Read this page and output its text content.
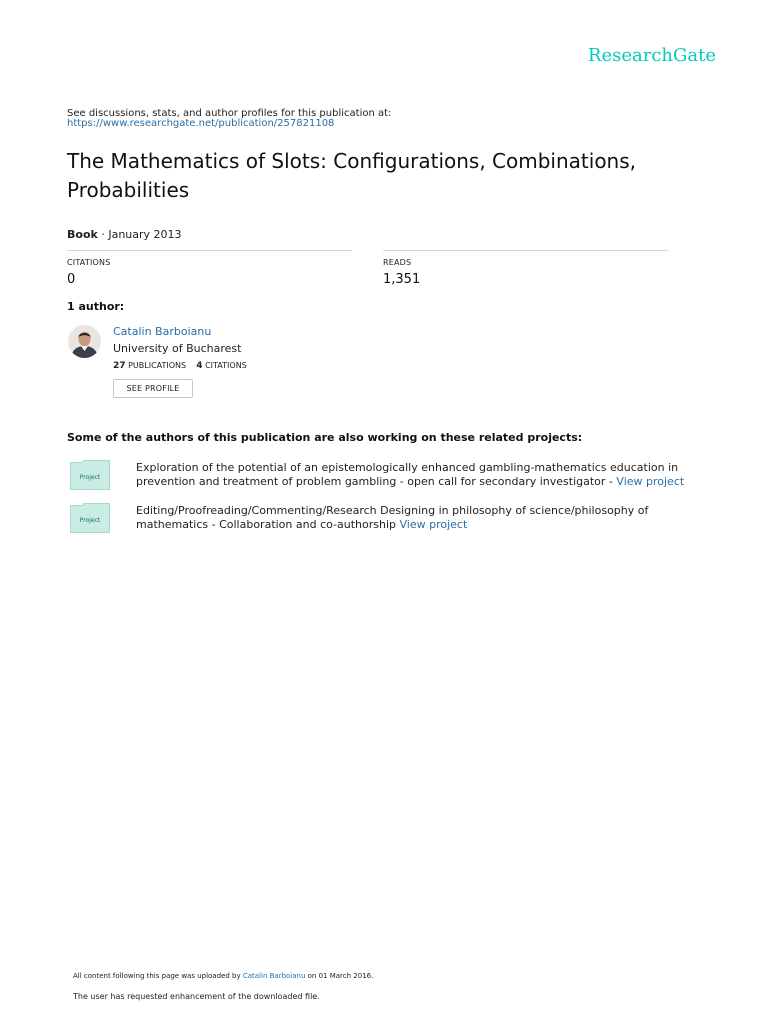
ResearchGate
See discussions, stats, and author profiles for this publication at:
https://www.researchgate.net/publication/257821108
The Mathematics of Slots: Configurations, Combinations, Probabilities
Book · January 2013
CITATIONS
0
READS
1,351
1 author:
Catalin Barboianu
University of Bucharest
27 PUBLICATIONS 4 CITATIONS
SEE PROFILE
Some of the authors of this publication are also working on these related projects:
Project
Exploration of the potential of an epistemologically enhanced gambling-mathematics education in prevention and treatment of problem gambling - open call for secondary investigator - View project
Project
Editing/Proofreading/Commenting/Research Designing in philosophy of science/philosophy of mathematics - Collaboration and co-authorship View project
All content following this page was uploaded by Catalin Barboianu on 01 March 2016.
The user has requested enhancement of the downloaded file.
